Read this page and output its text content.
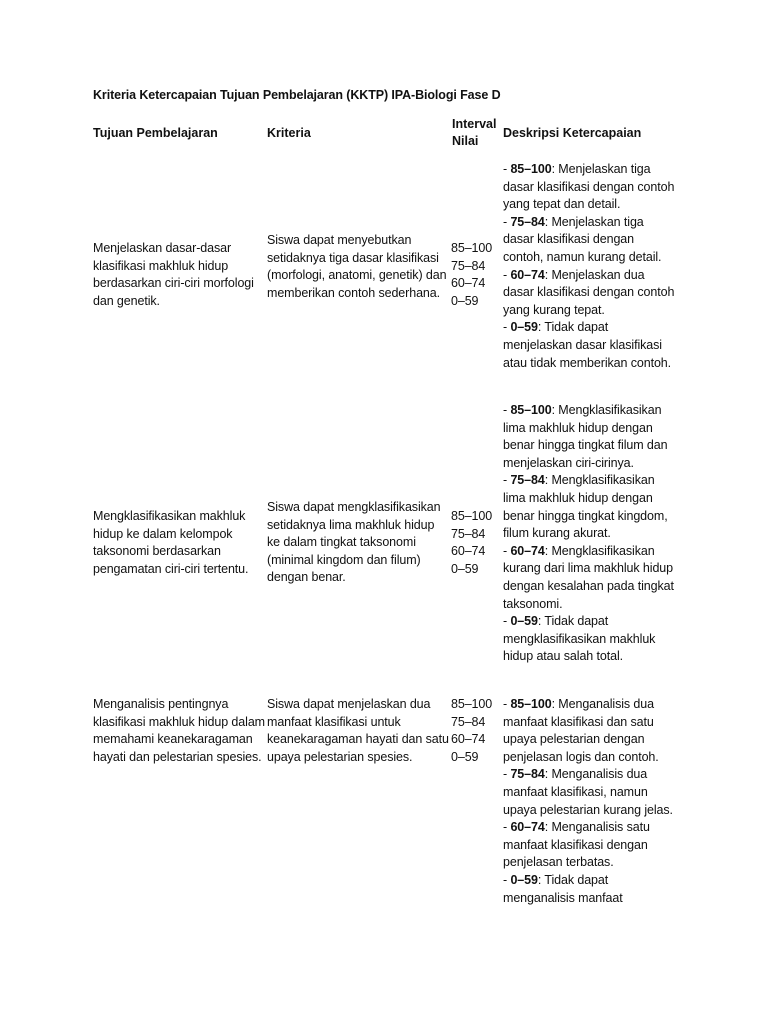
Kriteria Ketercapaian Tujuan Pembelajaran (KKTP) IPA-Biologi Fase D
Tujuan Pembelajaran	Kriteria
Interval Nilai
Deskripsi Ketercapaian
Menjelaskan dasar-dasar klasifikasi makhluk hidup berdasarkan ciri-ciri morfologi dan genetik.
Siswa dapat menyebutkan setidaknya tiga dasar klasifikasi (morfologi, anatomi, genetik) dan memberikan contoh sederhana.
85–100
75–84
60–74
0–59
- 85–100: Menjelaskan tiga dasar klasifikasi dengan contoh yang tepat dan detail.
- 75–84: Menjelaskan tiga dasar klasifikasi dengan contoh, namun kurang detail.
- 60–74: Menjelaskan dua dasar klasifikasi dengan contoh yang kurang tepat.
- 0–59: Tidak dapat menjelaskan dasar klasifikasi atau tidak memberikan contoh.
Mengklasifikasikan makhluk hidup ke dalam kelompok taksonomi berdasarkan pengamatan ciri-ciri tertentu.
Siswa dapat mengklasifikasikan setidaknya lima makhluk hidup ke dalam tingkat taksonomi (minimal kingdom dan filum) dengan benar.
85–100
75–84
60–74
0–59
- 85–100: Mengklasifikasikan lima makhluk hidup dengan benar hingga tingkat filum dan menjelaskan ciri-cirinya.
- 75–84: Mengklasifikasikan lima makhluk hidup dengan benar hingga tingkat kingdom, filum kurang akurat.
- 60–74: Mengklasifikasikan kurang dari lima makhluk hidup dengan kesalahan pada tingkat taksonomi.
- 0–59: Tidak dapat mengklasifikasikan makhluk hidup atau salah total.
Menganalisis pentingnya klasifikasi makhluk hidup dalam memahami keanekaragaman hayati dan pelestarian spesies.
Siswa dapat menjelaskan dua manfaat klasifikasi untuk keanekaragaman hayati dan satu upaya pelestarian spesies.
85–100
75–84
60–74
0–59
- 85–100: Menganalisis dua manfaat klasifikasi dan satu upaya pelestarian dengan penjelasan logis dan contoh.
- 75–84: Menganalisis dua manfaat klasifikasi, namun upaya pelestarian kurang jelas.
- 60–74: Menganalisis satu manfaat klasifikasi dengan penjelasan terbatas.
- 0–59: Tidak dapat menganalisis manfaat
